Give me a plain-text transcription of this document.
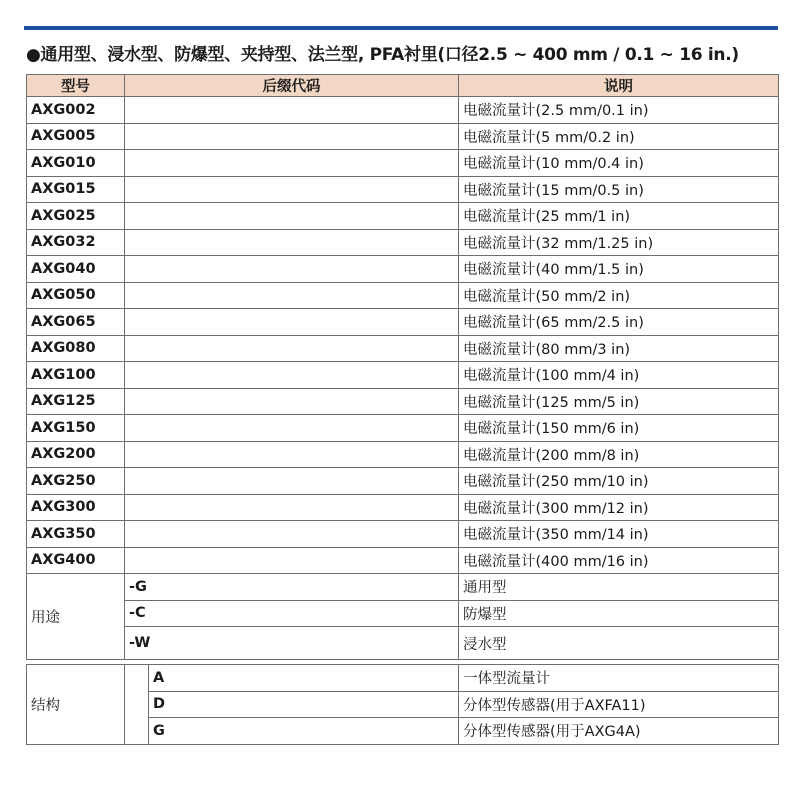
●通用型、浸水型、防爆型、夹持型、法兰型, PFA衬里(口径2.5 ~ 400 mm / 0.1 ~ 16 in.)
型号	后缀代码		说明
AXG002			电磁流量计(2.5 mm/0.1 in)
AXG005			电磁流量计(5 mm/0.2 in)
AXG010			电磁流量计(10 mm/0.4 in)
AXG015			电磁流量计(15 mm/0.5 in)
AXG025			电磁流量计(25 mm/1 in)
AXG032			电磁流量计(32 mm/1.25 in)
AXG040			电磁流量计(40 mm/1.5 in)
AXG050			电磁流量计(50 mm/2 in)
AXG065			电磁流量计(65 mm/2.5 in)
AXG080			电磁流量计(80 mm/3 in)
AXG100			电磁流量计(100 mm/4 in)
AXG125			电磁流量计(125 mm/5 in)
AXG150			电磁流量计(150 mm/6 in)
AXG200			电磁流量计(200 mm/8 in)
AXG250			电磁流量计(250 mm/10 in)
AXG300			电磁流量计(300 mm/12 in)
AXG350			电磁流量计(350 mm/14 in)
AXG400			电磁流量计(400 mm/16 in)
用途	-G		通用型
	-C		防爆型
	-W		浸水型

结构		A	一体型流量计
		D	分体型传感器(用于AXFA11)
		G	分体型传感器(用于AXG4A)
